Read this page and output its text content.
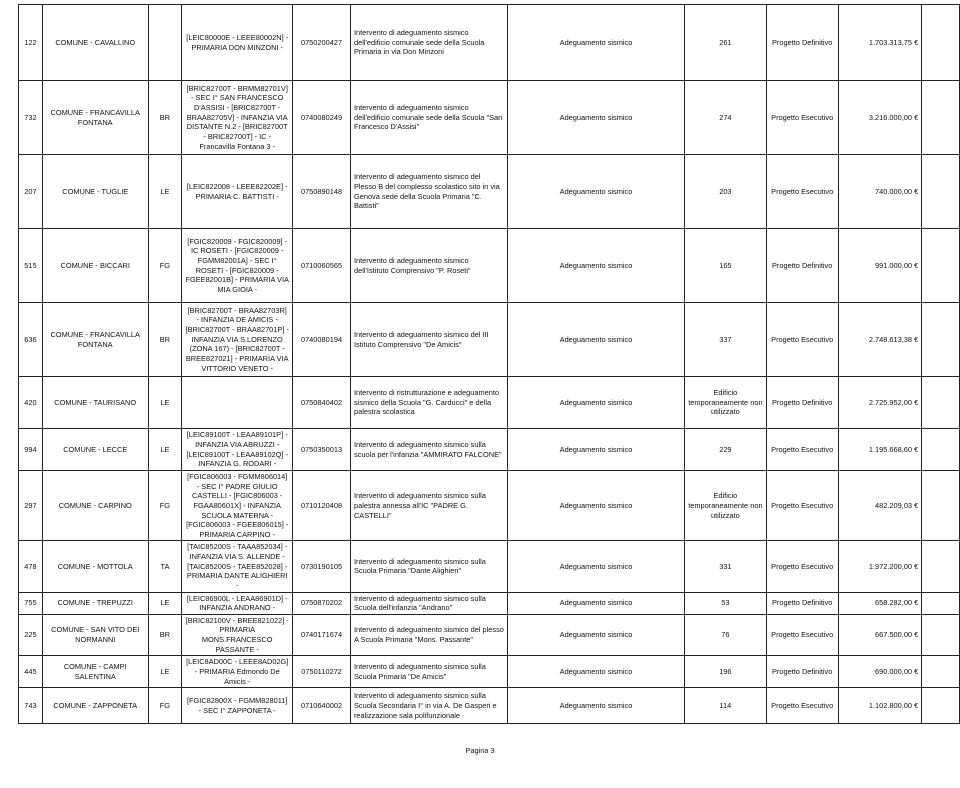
122	COMUNE - CAVALLINO		[LEIC80000E - LEEE80002N] - PRIMARIA DON MINZONI -	0750200427	Intervento di adeguamento sismico dell'edificio comunale sede della Scuola Primaria in via Don Minzoni	Adeguamento sismico	261	Progetto Definitivo	1.703.313,75 €	
732	COMUNE - FRANCAVILLA FONTANA	BR	[BRIC82700T - BRMM82701V] - SEC I° SAN FRANCESCO D'ASSISI - [BRIC82700T - BRAA82705V] - INFANZIA VIA DISTANTE N.2 - [BRIC82700T - BRIC82700T] - IC - Francavilla Fontana 3 -	0740080249	Intervento di adeguamento sismico dell'edificio comunale sede della Scuola "San Francesco D'Assisi"	Adeguamento sismico	274	Progetto Esecutivo	3.216.000,00 €	
207	COMUNE - TUGLIE	LE	[LEIC822008 - LEEE82202E] - PRIMARIA C. BATTISTI -	0750890148	Intervento di adeguamento sismico del Plesso B del complesso scolastico sito in via Genova sede della Scuola Primaria "C. Battisti"	Adeguamento sismico	203	Progetto Esecutivo	740.000,00 €	
515	COMUNE - BICCARI	FG	[FGIC820009 - FGIC820009] - IC ROSETI - [FGIC820009 - FGMM82001A] - SEC I° ROSETI - [FGIC820009 - FGEE82001B] - PRIMARIA VIA MIA GIOIA -	0710060565	Intervento di adeguamento sismico dell'Istituto Comprensivo "P. Roseti"	Adeguamento sismico	165	Progetto Definitivo	991.000,00 €	
636	COMUNE - FRANCAVILLA FONTANA	BR	[BRIC82700T - BRAA82703R] - INFANZIA DE AMICIS - [BRIC82700T - BRAA82701P] - INFANZIA VIA S.LORENZO (ZONA 167) - [BRIC82700T - BREE827021] - PRIMARIA VIA VITTORIO VENETO -	0740080194	Intervento di adeguamento sismico del III Istituto Comprensivo "De Amicis"	Adeguamento sismico	337	Progetto Esecutivo	2.748.613,38 €	
420	COMUNE - TAURISANO	LE		0750840402	Intervento di ristrutturazione e adeguamento sismico della Scuola "G. Carducci" e della palestra scolastica	Adeguamento sismico	Edificio temporaneamente non utilizzato	Progetto Definitivo	2.725.952,00 €	
994	COMUNE - LECCE	LE	[LEIC89100T - LEAA89101P] - INFANZIA VIA ABRUZZI - [LEIC89100T - LEAA89102Q] - INFANZIA G. RODARI -	0750350013	Intervento di adeguamento sismico sulla scuola per l'infanzia "AMMIRATO FALCONE"	Adeguamento sismico	229	Progetto Esecutivo	1.195.668,60 €	
297	COMUNE - CARPINO	FG	[FGIC806003 - FGMM806014] - SEC I° PADRE GIULIO CASTELLI - [FGIC806003 - FGAA80601X] - INFANZIA SCUOLA MATERNA - [FGIC806003 - FGEE806015] - PRIMARIA CARPINO -	0710120408	Intervento di adeguamento sismico sulla palestra annessa all'IC "PADRE G. CASTELLI"	Adeguamento sismico	Edificio temporaneamente non utilizzato	Progetto Esecutivo	482.209,03 €	
478	COMUNE - MOTTOLA	TA	[TAIC85200S - TAAA852034] - INFANZIA VIA S. ALLENDE - [TAIC85200S - TAEE852028] - PRIMARIA DANTE ALIGHIERI -	0730190105	Intervento di adeguamento sismico sulla Scuola Primaria "Dante Alighieri"	Adeguamento sismico	331	Progetto Esecutivo	1.972.200,00 €	
755	COMUNE - TREPUZZI	LE	[LEIC86900L - LEAA86901D] - INFANZIA ANDRANO -	0750870202	Intervento di adeguamento sismico sulla Scuola dell'infanzia "Andrano"	Adeguamento sismico	53	Progetto Definitivo	658.282,00 €	
225	COMUNE - SAN VITO DEI NORMANNI	BR	[BRIC82100V - BREE821022] - PRIMARIA MONS.FRANCESCO PASSANTE -	0740171674	Intervento di adeguamento sismico del plesso A Scuola Primaria "Mons. Passante"	Adeguamento sismico	76	Progetto Esecutivo	667.500,00 €	
445	COMUNE - CAMPI SALENTINA	LE	[LEIC8AD00C - LEEE8AD02G] - PRIMARIA Edmondo De Amicis -	0750110272	Intervento di adeguamento sismico sulla Scuola Primaria "De Amicis"	Adeguamento sismico	196	Progetto Definitivo	690.000,00 €	
743	COMUNE - ZAPPONETA	FG	[FGIC82800X - FGMM828011] - SEC I° ZAPPONETA -	0710640002	Intervento di adeguamento sismico sulla Scuola Secondaria I° in via A. De Gasperi e realizzazione sala polifunzionale	Adeguamento sismico	114	Progetto Esecutivo	1.102.800,00 €	
Pagina 3
